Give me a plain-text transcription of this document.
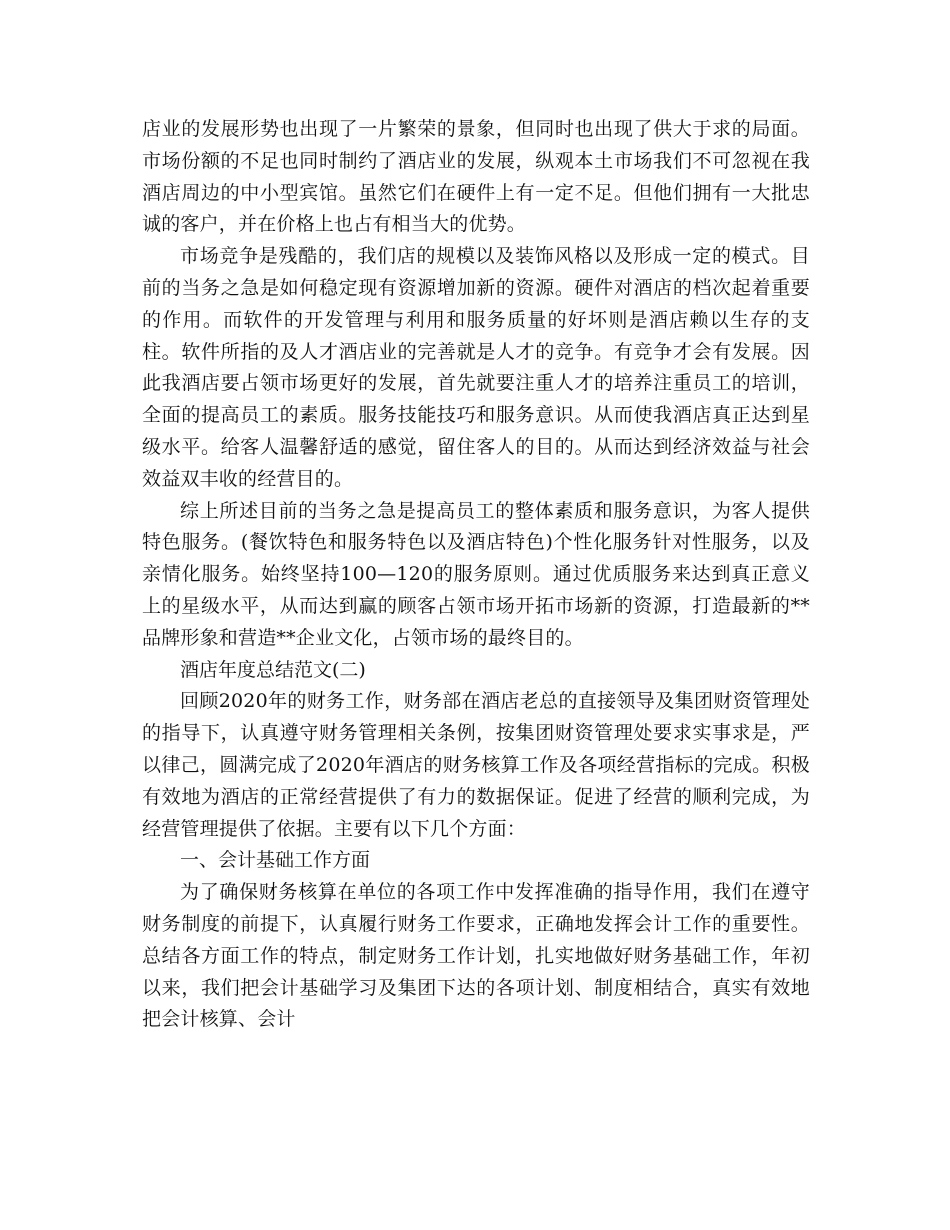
店业的发展形势也出现了一片繁荣的景象，但同时也出现了供大于求的局面。市场份额的不足也同时制约了酒店业的发展，纵观本土市场我们不可忽视在我酒店周边的中小型宾馆。虽然它们在硬件上有一定不足。但他们拥有一大批忠诚的客户，并在价格上也占有相当大的优势。

市场竞争是残酷的，我们店的规模以及装饰风格以及形成一定的模式。目前的当务之急是如何稳定现有资源增加新的资源。硬件对酒店的档次起着重要的作用。而软件的开发管理与利用和服务质量的好坏则是酒店赖以生存的支柱。软件所指的及人才酒店业的完善就是人才的竞争。有竞争才会有发展。因此我酒店要占领市场更好的发展，首先就要注重人才的培养注重员工的培训，全面的提高员工的素质。服务技能技巧和服务意识。从而使我酒店真正达到星级水平。给客人温馨舒适的感觉，留住客人的目的。从而达到经济效益与社会效益双丰收的经营目的。

综上所述目前的当务之急是提高员工的整体素质和服务意识，为客人提供特色服务。(餐饮特色和服务特色以及酒店特色)个性化服务针对性服务，以及亲情化服务。始终坚持100—120的服务原则。通过优质服务来达到真正意义上的星级水平，从而达到赢的顾客占领市场开拓市场新的资源，打造最新的**品牌形象和营造**企业文化，占领市场的最终目的。

酒店年度总结范文(二)

回顾2020年的财务工作，财务部在酒店老总的直接领导及集团财资管理处的指导下，认真遵守财务管理相关条例，按集团财资管理处要求实事求是，严以律己，圆满完成了2020年酒店的财务核算工作及各项经营指标的完成。积极有效地为酒店的正常经营提供了有力的数据保证。促进了经营的顺利完成，为经营管理提供了依据。主要有以下几个方面：

一、会计基础工作方面

为了确保财务核算在单位的各项工作中发挥准确的指导作用，我们在遵守财务制度的前提下，认真履行财务工作要求，正确地发挥会计工作的重要性。总结各方面工作的特点，制定财务工作计划，扎实地做好财务基础工作，年初以来，我们把会计基础学习及集团下达的各项计划、制度相结合，真实有效地把会计核算、会计
